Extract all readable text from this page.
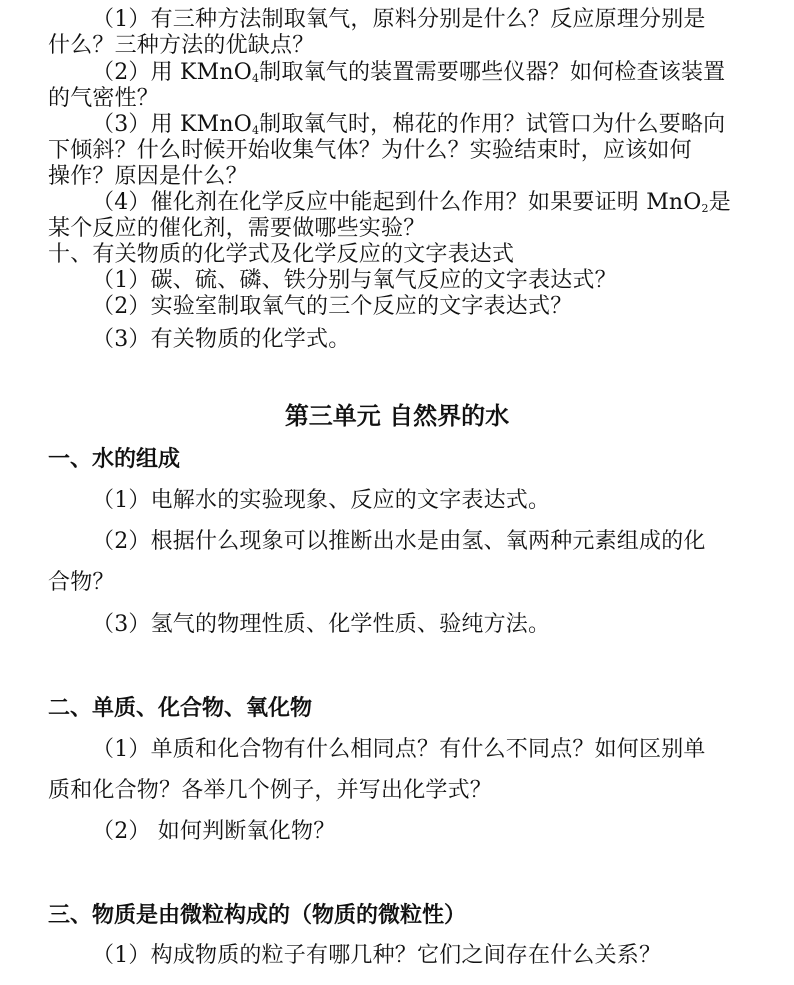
（1）有三种方法制取氧气，原料分别是什么？反应原理分别是
什么？三种方法的优缺点？
（2）用 KMnO$_4$制取氧气的装置需要哪些仪器？如何检查该装置
的气密性？
（3）用 KMnO$_4$制取氧气时，棉花的作用？试管口为什么要略向
下倾斜？什么时候开始收集气体？为什么？实验结束时，应该如何
操作？原因是什么？
（4）催化剂在化学反应中能起到什么作用？如果要证明 MnO$_2$是
某个反应的催化剂，需要做哪些实验？
十、有关物质的化学式及化学反应的文字表达式
（1）碳、硫、磷、铁分别与氧气反应的文字表达式？
（2）实验室制取氧气的三个反应的文字表达式？
（3）有关物质的化学式。
第三单元 自然界的水
一、水的组成
（1）电解水的实验现象、反应的文字表达式。
（2）根据什么现象可以推断出水是由氢、氧两种元素组成的化
合物？
（3）氢气的物理性质、化学性质、验纯方法。
二、单质、化合物、氧化物
（1）单质和化合物有什么相同点？有什么不同点？如何区别单
质和化合物？各举几个例子，并写出化学式？
（2） 如何判断氧化物？
三、物质是由微粒构成的（物质的微粒性）
（1）构成物质的粒子有哪几种？它们之间存在什么关系？
